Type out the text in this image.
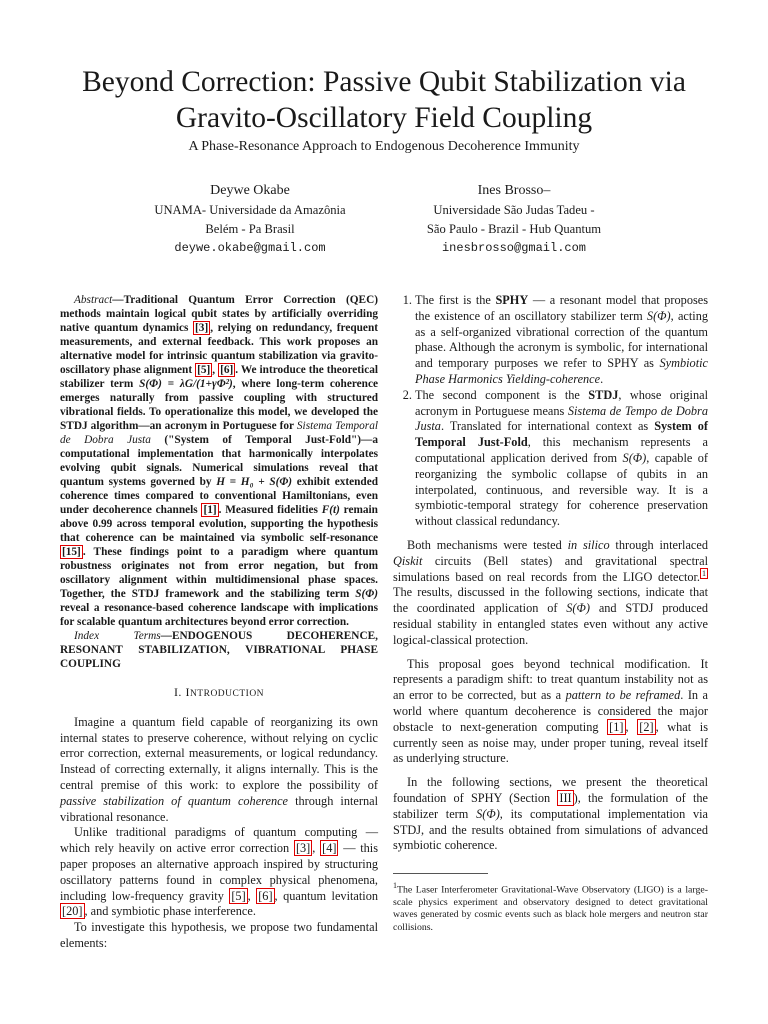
Beyond Correction: Passive Qubit Stabilization via Gravito-Oscillatory Field Coupling

A Phase-Resonance Approach to Endogenous Decoherence Immunity

Deywe Okabe
UNAMA- Universidade da Amazônia
Belém - Pa Brasil
deywe.okabe@gmail.com
Ines Brosso–
Universidade São Judas Tadeu -
São Paulo - Brazil - Hub Quantum
inesbrosso@gmail.com

Abstract—Traditional Quantum Error Correction (QEC) methods maintain logical qubit states by artificially overriding native quantum dynamics [3] , relying on redundancy, frequent measurements, and external feedback. This work proposes an alternative model for intrinsic quantum stabilization via gravito-oscillatory phase alignment [5] , [6] . We introduce the theoretical stabilizer term S(Φ) = λG/(1+γΦ²), where long-term coherence emerges naturally from passive coupling with structured vibrational fields. To operationalize this model, we developed the STDJ algorithm—an acronym in Portuguese for Sistema Temporal de Dobra Justa ("System of Temporal Just-Fold")—a computational implementation that harmonically interpolates evolving qubit signals. Numerical simulations reveal that quantum systems governed by H = H₀ + S(Φ) exhibit extended coherence times compared to conventional Hamiltonians, even under decoherence channels [1] . Measured fidelities F(t) remain above 0.99 across temporal evolution, supporting the hypothesis that coherence can be maintained via symbolic self-resonance [15] . These findings point to a paradigm where quantum robustness originates not from error negation, but from oscillatory alignment within multidimensional phase spaces. Together, the STDJ framework and the stabilizing term S(Φ) reveal a resonance-based coherence landscape with implications for scalable quantum architectures beyond error correction.

Index Terms—ENDOGENOUS DECOHERENCE, RESONANT STABILIZATION, VIBRATIONAL PHASE COUPLING

I. INTRODUCTION

Imagine a quantum field capable of reorganizing its own internal states to preserve coherence, without relying on cyclic error correction, external measurements, or logical redundancy. Instead of correcting externally, it aligns internally. This is the central premise of this work: to explore the possibility of passive stabilization of quantum coherence through internal vibrational resonance.

Unlike traditional paradigms of quantum computing — which rely heavily on active error correction [3] , [4] — this paper proposes an alternative approach inspired by structuring oscillatory patterns found in complex physical phenomena, including low-frequency gravity [5] , [6] , quantum levitation [20] , and symbiotic phase interference.

To investigate this hypothesis, we propose two fundamental elements:

1. The first is the SPHY — a resonant model that proposes the existence of an oscillatory stabilizer term S(Φ), acting as a self-organized vibrational correction of the quantum phase. Although the acronym is symbolic, for international and temporary purposes we refer to SPHY as Symbiotic Phase Harmonics Yielding-coherence.
2. The second component is the STDJ, whose original acronym in Portuguese means Sistema de Tempo de Dobra Justa. Translated for international context as System of Temporal Just-Fold, this mechanism represents a computational application derived from S(Φ), capable of reorganizing the symbolic collapse of qubits in an interpolated, continuous, and reversible way. It is a symbiotic-temporal strategy for coherence preservation without classical redundancy.

Both mechanisms were tested in silico through interlaced Qiskit circuits (Bell states) and gravitational spectral simulations based on real records from the LIGO detector. $^1$ The results, discussed in the following sections, indicate that the coordinated application of S(Φ) and STDJ produced residual stability in entangled states even without any active logical-classical protection.

This proposal goes beyond technical modification. It represents a paradigm shift: to treat quantum instability not as an error to be corrected, but as a pattern to be reframed. In a world where quantum decoherence is considered the major obstacle to next-generation computing [1] , [2] , what is currently seen as noise may, under proper tuning, reveal itself as underlying structure.

In the following sections, we present the theoretical foundation of SPHY (Section III ), the formulation of the stabilizer term S(Φ), its computational implementation via STDJ, and the results obtained from simulations of advanced symbiotic coherence.

$^1$The Laser Interferometer Gravitational-Wave Observatory (LIGO) is a large-scale physics experiment and observatory designed to detect gravitational waves generated by cosmic events such as black hole mergers and neutron star collisions.
